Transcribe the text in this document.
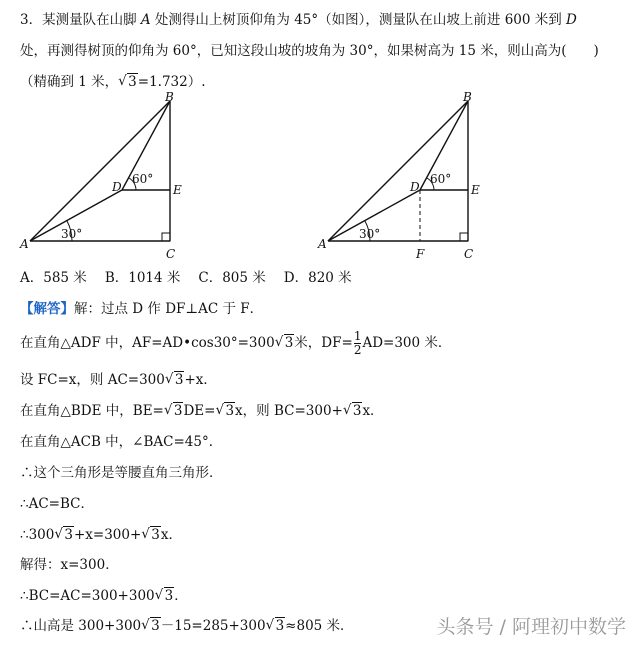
3．某测量队在山脚 A 处测得山上树顶仰角为 45°（如图），测量队在山坡上前进 600 米到 D
处，再测得树顶的仰角为 60°，已知这段山坡的坡角为 30°，如果树高为 15 米，则山高为(　　)
（精确到 1 米， √ 3=1.732）.
A
C
B
D	E
30°
60°
A
C
F
B
D	E
30°
60°
A．585 米 B．1014 米 C．805 米 D．820 米
【解答】解：过点 D 作 DF⊥AC 于 F．
在直角△ADF 中，AF=AD•cos30°=300 √ 3米，$DF= \frac{1}{2} AD=300$ 米．
设 FC=x，则 AC=300 √ 3+x．
在直角△BDE 中，BE= √ 3DE= √ 3x，则 BC=300+ √ 3x．
在直角△ACB 中，∠BAC=45°．
∴这个三角形是等腰直角三角形．
∴AC=BC．
∴300 √ 3+x=300+ √ 3x．
解得：x=300．
∴BC=AC=300+300 √ 3．
∴山高是 300+300 √ 3－15=285+300 √ 3≈805 米．	头条号 / 阿理初中数学
